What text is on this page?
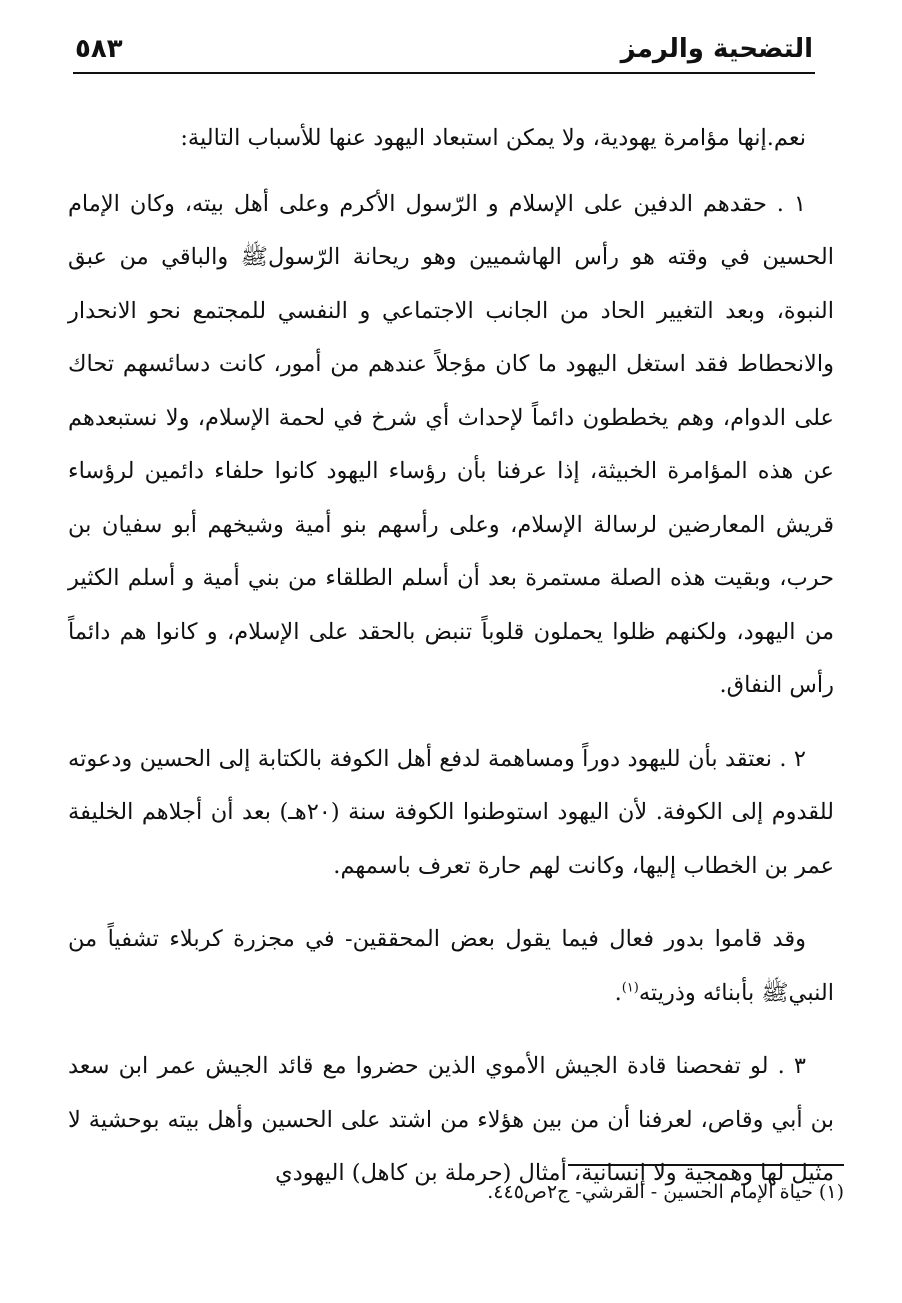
التضحية والرمز
٥٨٣

نعم.إنها مؤامرة يهودية، ولا يمكن استبعاد اليهود عنها للأسباب التالية:

١ . حقدهم الدفين على الإسلام و الرّسول الأكرم وعلى أهل بيته، وكان الإمام الحسين في وقته هو رأس الهاشميين وهو ريحانة الرّسولﷺ والباقي من عبق النبوة، وبعد التغيير الحاد من الجانب الاجتماعي و النفسي للمجتمع نحو الانحدار والانحطاط فقد استغل اليهود ما كان مؤجلاً عندهم من أمور، كانت دسائسهم تحاك على الدوام، وهم يخططون دائماً لإحداث أي شرخ في لحمة الإسلام، ولا نستبعدهم عن هذه المؤامرة الخبيثة، إذا عرفنا بأن رؤساء اليهود كانوا حلفاء دائمين لرؤساء قريش المعارضين لرسالة الإسلام، وعلى رأسهم بنو أمية وشيخهم أبو سفيان بن حرب، وبقيت هذه الصلة مستمرة بعد أن أسلم الطلقاء من بني أمية و أسلم الكثير من اليهود، ولكنهم ظلوا يحملون قلوباً تنبض بالحقد على الإسلام، و كانوا هم دائماً رأس النفاق.

٢ . نعتقد بأن لليهود دوراً ومساهمة لدفع أهل الكوفة بالكتابة إلى الحسين ودعوته للقدوم إلى الكوفة. لأن اليهود استوطنوا الكوفة سنة (٢٠هـ) بعد أن أجلاهم الخليفة عمر بن الخطاب إليها، وكانت لهم حارة تعرف باسمهم.

وقد قاموا بدور فعال فيما يقول بعض المحققين- في مجزرة كربلاء تشفياً من النبيﷺ بأبنائه وذريته$^{(١)}$.

٣ . لو تفحصنا قادة الجيش الأموي الذين حضروا مع قائد الجيش عمر ابن سعد بن أبي وقاص، لعرفنا أن من بين هؤلاء من اشتد على الحسين وأهل بيته بوحشية لا مثيل لها وهمجية ولا إنسانية، أمثال (حرملة بن كاهل) اليهودي

(١) حياة الإمام الحسين - القرشي- ج٢ص٤٤٥.
